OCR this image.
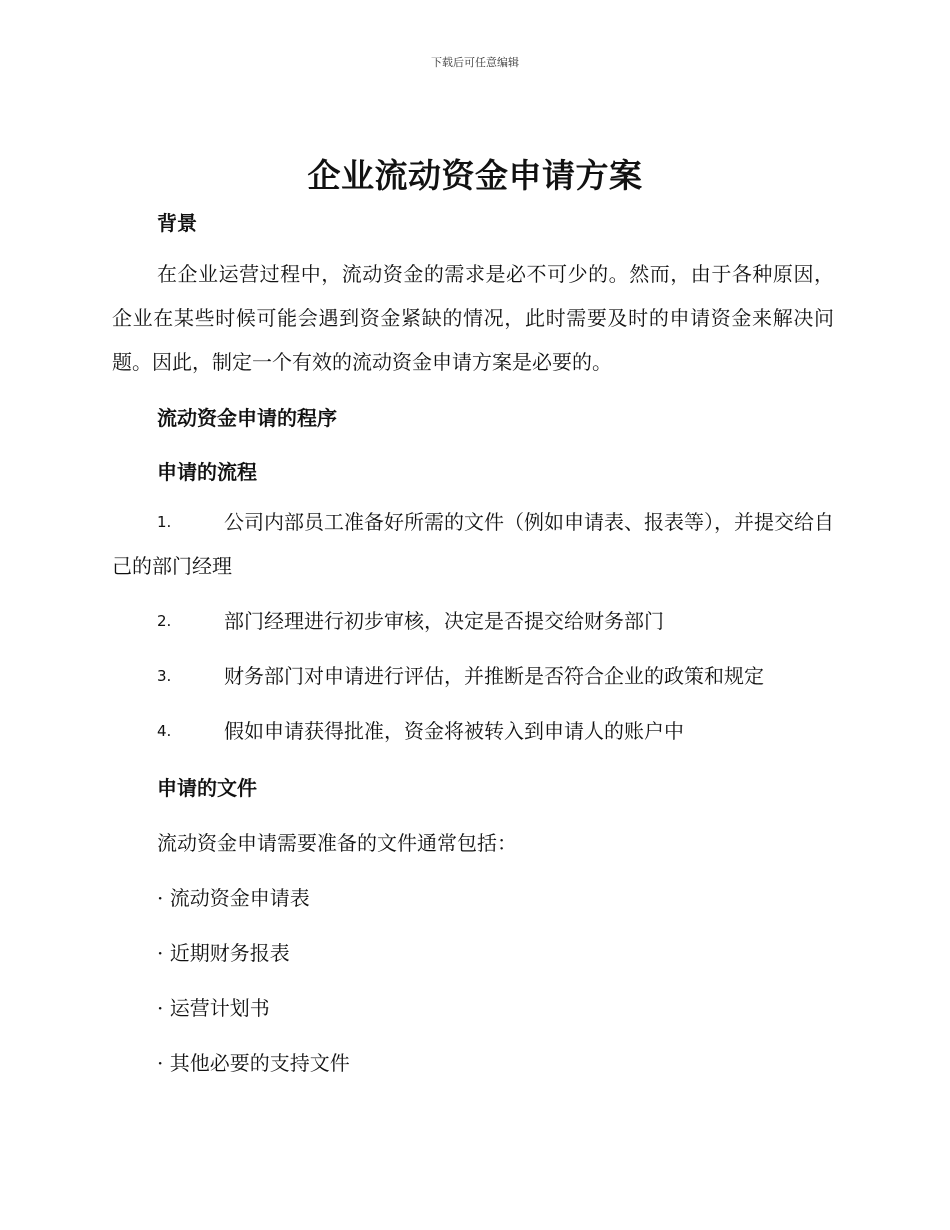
下载后可任意编辑
企业流动资金申请方案
背景
在企业运营过程中，流动资金的需求是必不可少的。然而，由于各种原因，企业在某些时候可能会遇到资金紧缺的情况，此时需要及时的申请资金来解决问题。因此，制定一个有效的流动资金申请方案是必要的。
流动资金申请的程序
申请的流程
1.	公司内部员工准备好所需的文件（例如申请表、报表等），并提交给自己的部门经理
2.	部门经理进行初步审核，决定是否提交给财务部门
3.	财务部门对申请进行评估，并推断是否符合企业的政策和规定
4.	假如申请获得批准，资金将被转入到申请人的账户中
申请的文件
流动资金申请需要准备的文件通常包括：
· 流动资金申请表
· 近期财务报表
· 运营计划书
· 其他必要的支持文件
